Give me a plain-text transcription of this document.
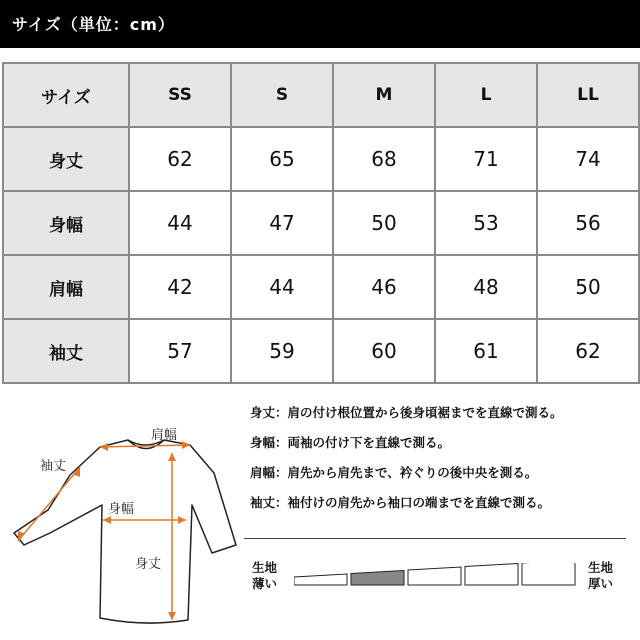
サイズ（単位：cm）
サイズ	SS	S	M	L	LL
身丈	62	65	68	71	74
身幅	44	47	50	53	56
肩幅	42	44	46	48	50
袖丈	57	59	60	61	62
肩幅
袖丈
身幅
身丈
身丈：肩の付け根位置から後身頃裾までを直線で測る。
身幅：両袖の付け下を直線で測る。
肩幅：肩先から肩先まで、衿ぐりの後中央を測る。
袖丈：袖付けの肩先から袖口の端までを直線で測る。
生地
薄い
生地
厚い
